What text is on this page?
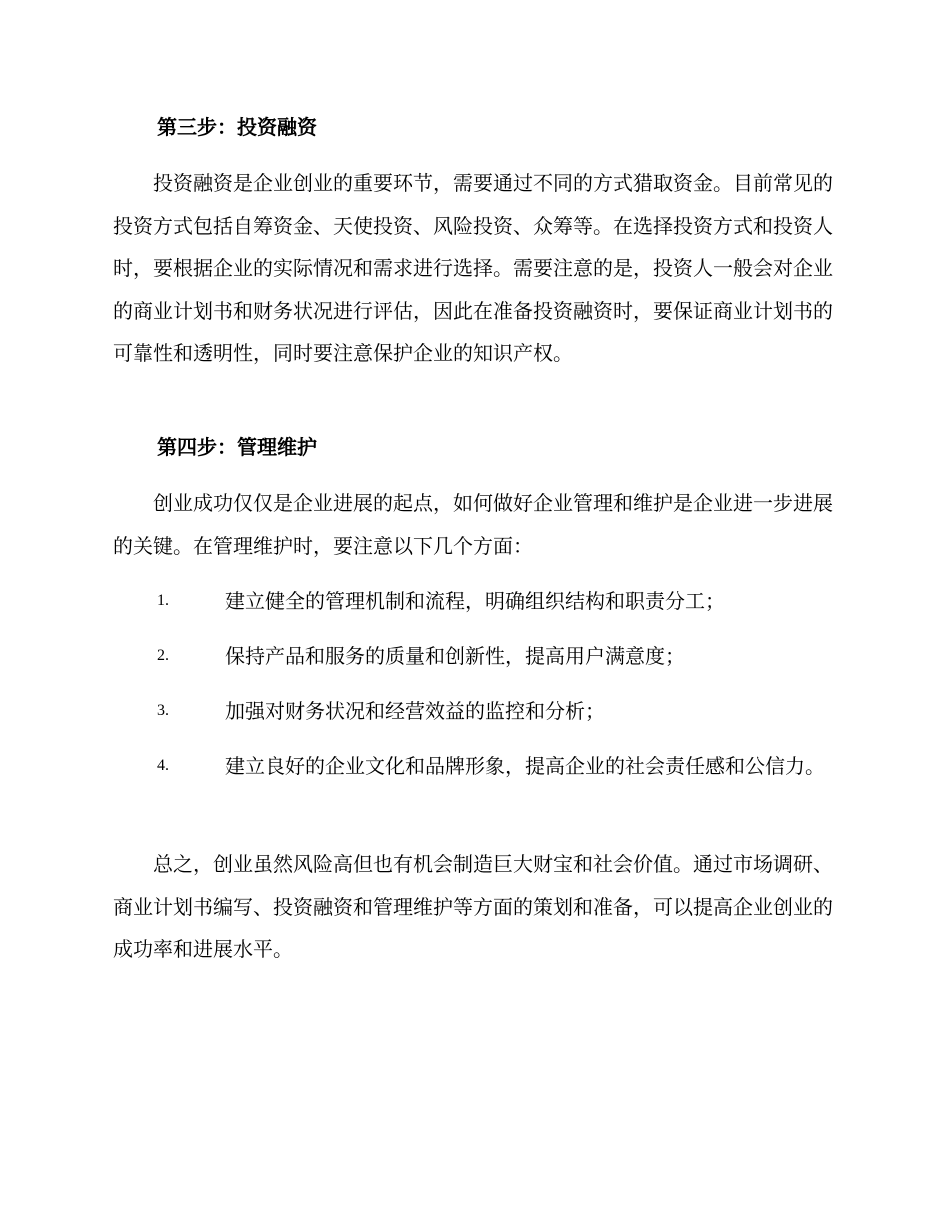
第三步：投资融资

投资融资是企业创业的重要环节，需要通过不同的方式猎取资金。目前常见的投资方式包括自筹资金、天使投资、风险投资、众筹等。在选择投资方式和投资人时，要根据企业的实际情况和需求进行选择。需要注意的是，投资人一般会对企业的商业计划书和财务状况进行评估，因此在准备投资融资时，要保证商业计划书的可靠性和透明性，同时要注意保护企业的知识产权。

第四步：管理维护

创业成功仅仅是企业进展的起点，如何做好企业管理和维护是企业进一步进展的关键。在管理维护时，要注意以下几个方面：

1.	建立健全的管理机制和流程，明确组织结构和职责分工；
2.	保持产品和服务的质量和创新性，提高用户满意度；
3.	加强对财务状况和经营效益的监控和分析；
4.	建立良好的企业文化和品牌形象，提高企业的社会责任感和公信力。

总之，创业虽然风险高但也有机会制造巨大财宝和社会价值。通过市场调研、商业计划书编写、投资融资和管理维护等方面的策划和准备，可以提高企业创业的成功率和进展水平。
